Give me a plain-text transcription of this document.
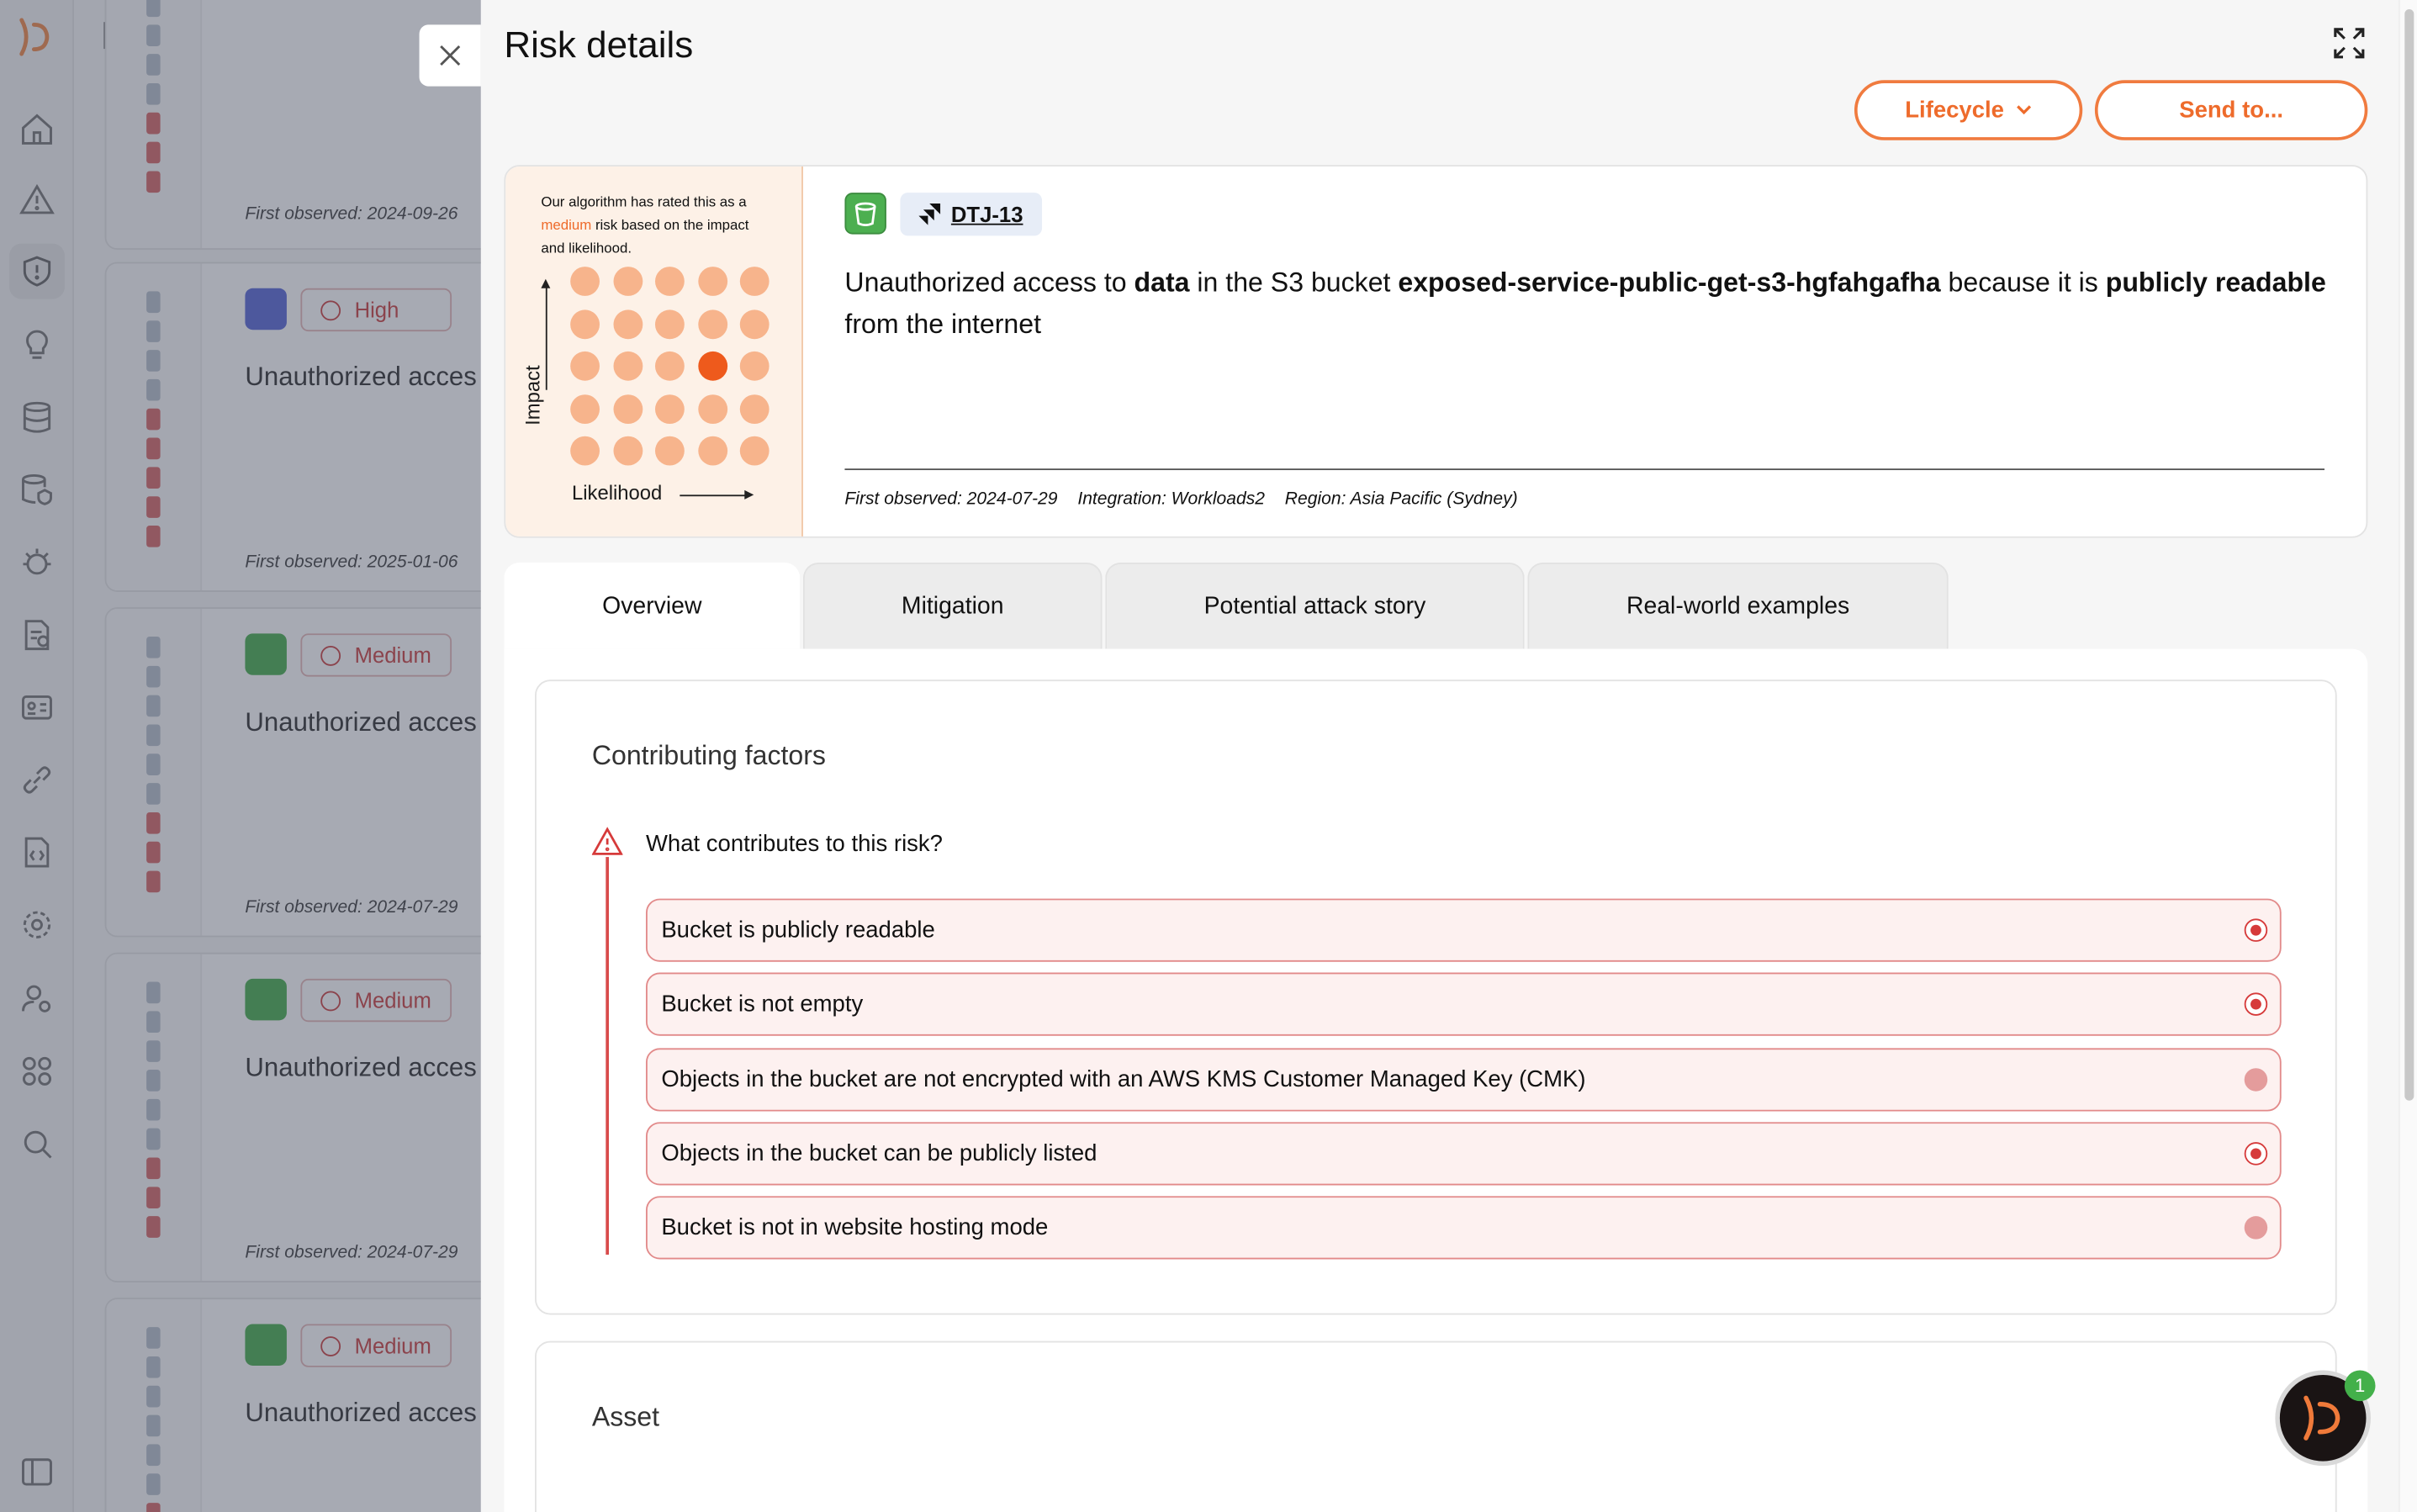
First observed: 2024-09-26
High
Unauthorized acces
First observed: 2025-01-06
Medium
Unauthorized acces
First observed: 2024-07-29
Medium
Unauthorized acces
First observed: 2024-07-29
Medium
Unauthorized acces
Risk details
Lifecycle	Send to...
Our algorithm has rated this as a medium risk based on the impact and likelihood.
Impact
Likelihood
DTJ-13
Unauthorized access to data in the S3 bucket exposed-service-public-get-s3-hgfahgafha because it is publicly readable from the internet
First observed: 2024-07-29 Integration: Workloads2 Region: Asia Pacific (Sydney)
Overview	Mitigation	Potential attack story	Real-world examples
Contributing factors
What contributes to this risk?
Bucket is publicly readable
Bucket is not empty
Objects in the bucket are not encrypted with an AWS KMS Customer Managed Key (CMK)
Objects in the bucket can be publicly listed
Bucket is not in website hosting mode
Asset
1
